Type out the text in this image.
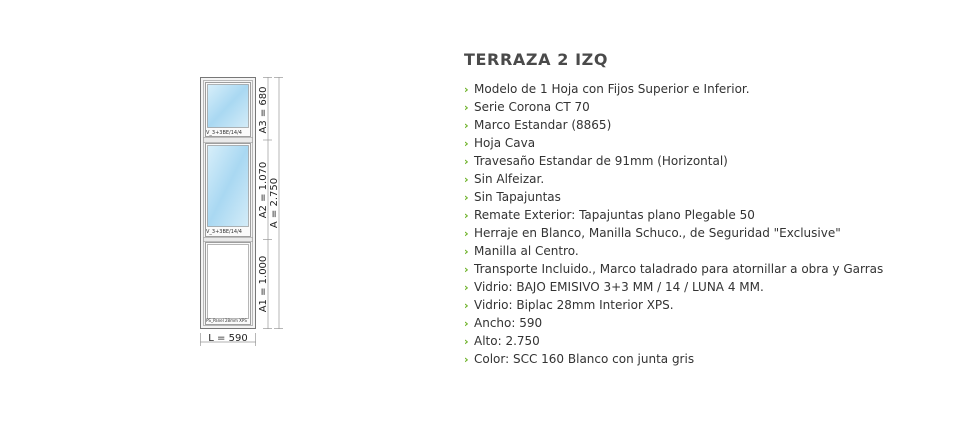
V_3+3BE/14/4
V_3+3BE/14/4
PS_Panel 28mm XPS
A3 = 680
A2 = 1.070
A1 = 1.000
A = 2.750
L = 590
TERRAZA 2 IZQ
› Modelo de 1 Hoja con Fijos Superior e Inferior.
› Serie Corona CT 70
› Marco Estandar (8865)
› Hoja Cava
› Travesaño Estandar de 91mm (Horizontal)
› Sin Alfeizar.
› Sin Tapajuntas
› Remate Exterior: Tapajuntas plano Plegable 50
› Herraje en Blanco, Manilla Schuco., de Seguridad "Exclusive"
› Manilla al Centro.
› Transporte Incluido., Marco taladrado para atornillar a obra y Garras
› Vidrio: BAJO EMISIVO 3+3 MM / 14 / LUNA 4 MM.
› Vidrio: Biplac 28mm Interior XPS.
› Ancho: 590
› Alto: 2.750
› Color: SCC 160 Blanco con junta gris
